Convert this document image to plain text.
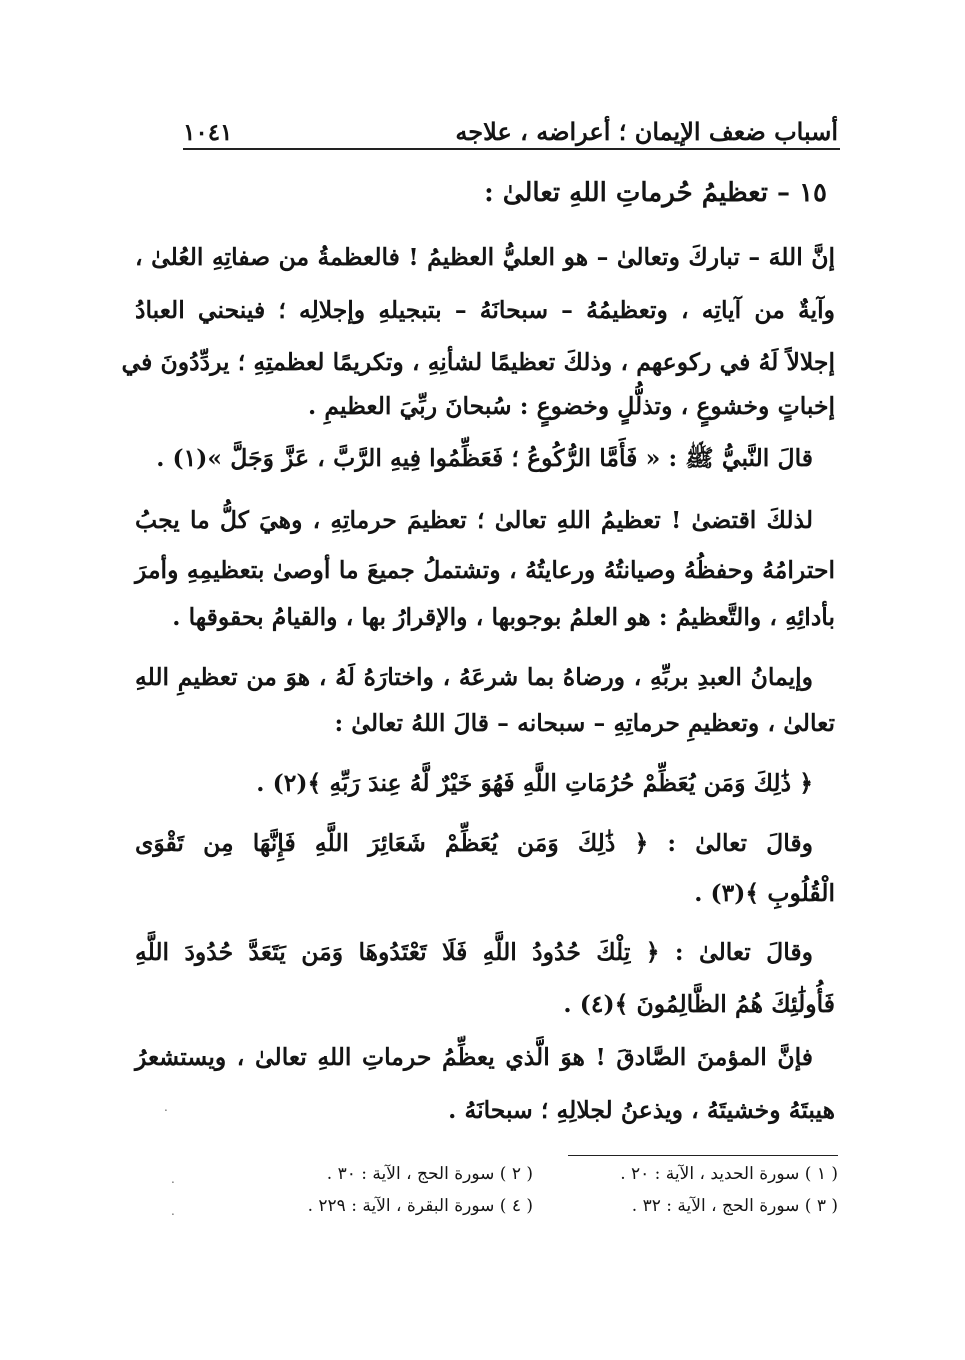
أسباب ضعف الإيمان ؛ أعراضه ، علاجه
١٠٤١
١٥ – تعظيمُ حُرماتِ اللهِ تعالىٰ :
إنَّ اللهَ – تباركَ وتعالىٰ – هو العليُّ العظيمُ ! فالعظمةُ من صفاتِهِ العُلىٰ ،
وآيةٌ من آياتِه ، وتعظيمُهُ – سبحانَهُ – بتبجيلهِ وإجلالِه ؛ فينحني العبادُ
إجلالاً لَهُ في ركوعهم ، وذلكَ تعظيمًا لشأنِهِ ، وتكريمًا لعظمتِهِ ؛ يردِّدُونَ في
إخباتٍ وخشوعٍ ، وتذلُّلٍ وخضوعٍ : سُبحانَ ربِّيَ العظيمِ .
قالَ النَّبيُّ ﷺ : « فَأَمَّا الرُّكُوعُ ؛ فَعَظِّمُوا فِيهِ الرَّبَّ ، عَزَّ وَجَلَّ »(١) .
لذلكَ اقتضىٰ ! تعظيمُ اللهِ تعالىٰ ؛ تعظيمَ حرماتِهِ ، وهيَ كلُّ ما يجبُ
احترامُهُ وحفظُهُ وصيانتُهُ ورعايتُهُ ، وتشتملُ جميعَ ما أوصىٰ بتعظيمِهِ وأمرَ
بأدائِهِ ، والتَّعظيمُ : هو العلمُ بوجوبها ، والإقرارُ بها ، والقيامُ بحقوقها .
وإيمانُ العبدِ بربِّهِ ، ورضاهُ بما شرعَهُ ، واختارَهُ لَهُ ، هوَ من تعظيمِ اللهِ
تعالىٰ ، وتعظيمِ حرماتِهِ – سبحانه – قالَ اللهُ تعالىٰ :
﴿ ذَٰلِكَ وَمَن يُعَظِّمْ حُرُمَاتِ اللَّهِ فَهُوَ خَيْرٌ لَّهُ عِندَ رَبِّهِ ﴾(٢) .
وقالَ تعالىٰ : ﴿ ذَٰلِكَ وَمَن يُعَظِّمْ شَعَائِرَ اللَّهِ فَإِنَّهَا مِن تَقْوَى
الْقُلُوبِ ﴾(٣) .
وقالَ تعالىٰ : ﴿ تِلْكَ حُدُودُ اللَّهِ فَلَا تَعْتَدُوهَا وَمَن يَتَعَدَّ حُدُودَ اللَّهِ
فَأُولَٰئِكَ هُمُ الظَّالِمُونَ ﴾(٤) .
فإنَّ المؤمنَ الصَّادقَ ! هوَ الَّذي يعظِّمُ حرماتِ اللهِ تعالىٰ ، ويستشعرُ
هيبتَهُ وخشيتَهُ ، ويذعنُ لجلالِهِ ؛ سبحانَهُ .
.
( ١ ) سورة الحديد ، الآية : ٢٠ .
( ٢ ) سورة الحج ، الآية : ٣٠ .
( ٣ ) سورة الحج ، الآية : ٣٢ .
( ٤ ) سورة البقرة ، الآية : ٢٢٩ .
.
.
